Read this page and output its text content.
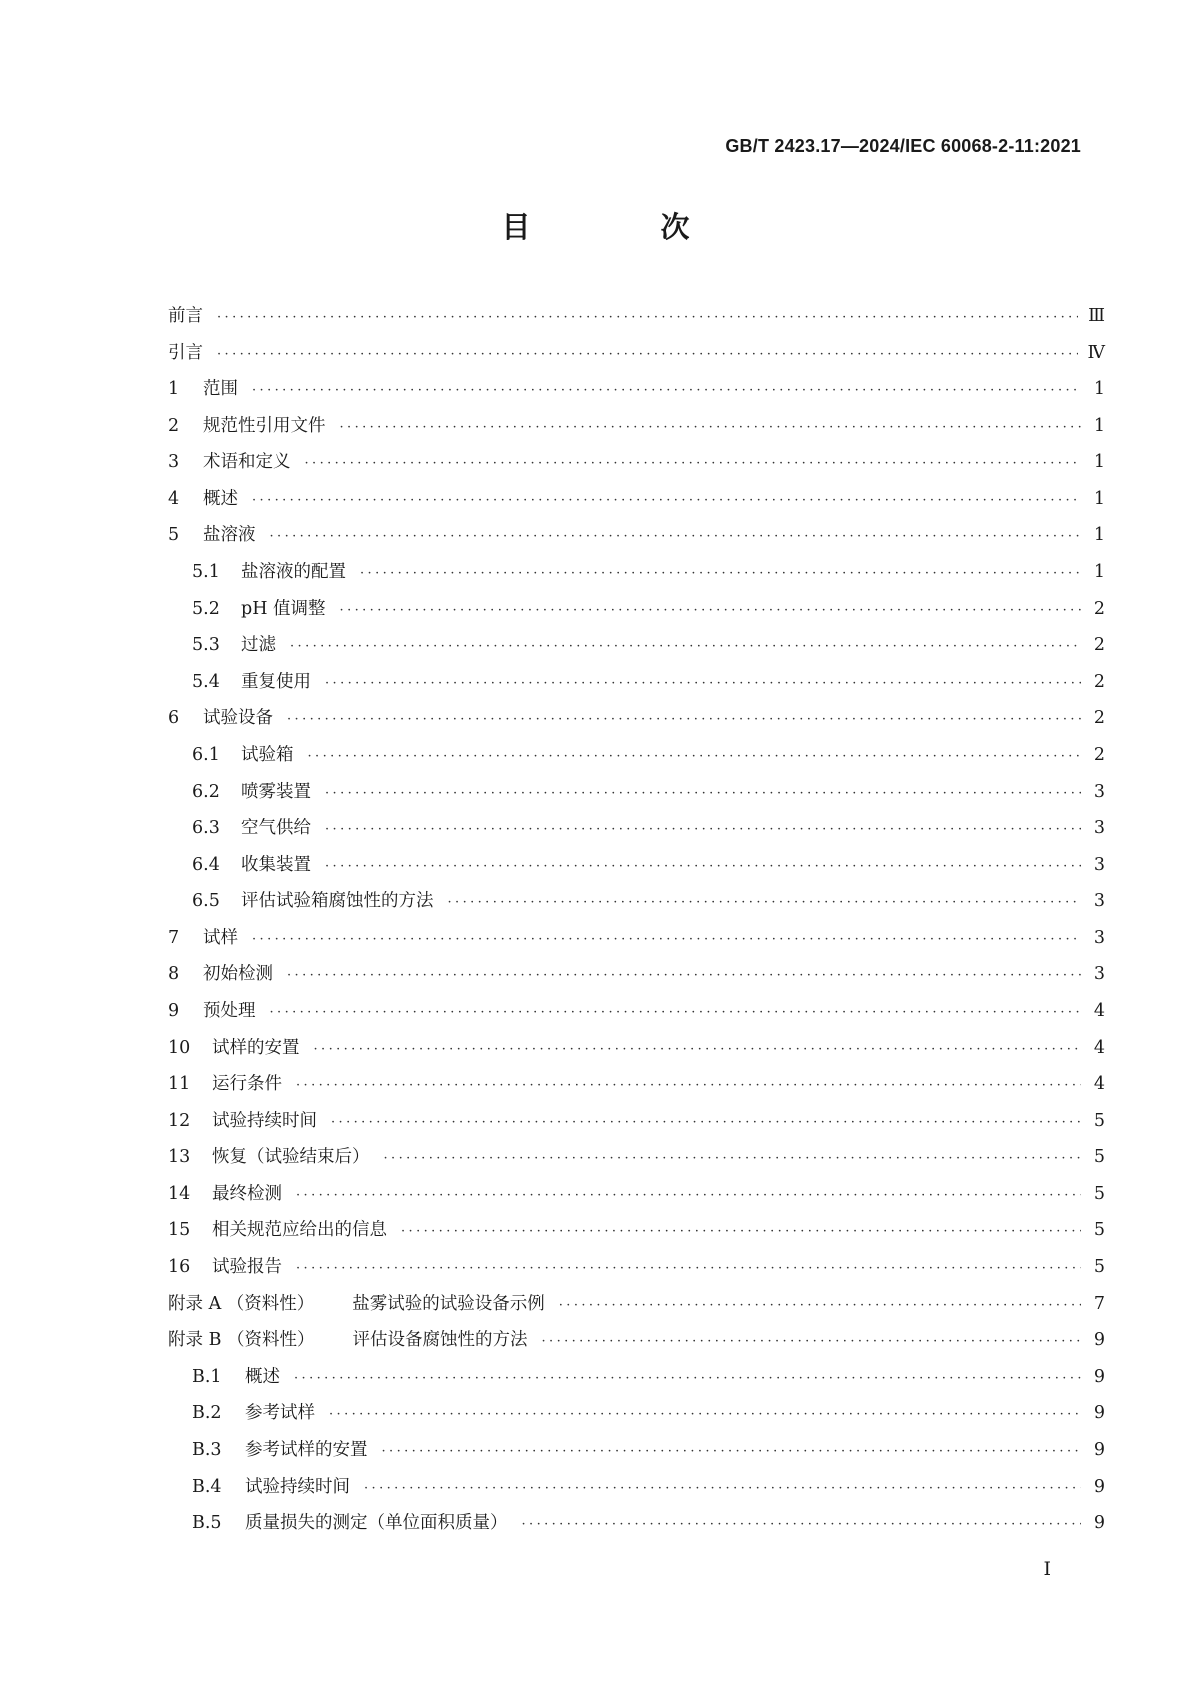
GB/T 2423.17—2024/IEC 60068-2-11:2021
目 次
前言 ·····	Ⅲ
引言 ·····	Ⅳ
1	范围 ·····	1
2	规范性引用文件 ·····	1
3	术语和定义 ·····	1
4	概述 ·····	1
5	盐溶液 ·····	1
5.1	盐溶液的配置 ·····	1
5.2	pH 值调整 ·····	2
5.3	过滤 ·····	2
5.4	重复使用 ·····	2
6	试验设备 ·····	2
6.1	试验箱 ·····	2
6.2	喷雾装置 ·····	3
6.3	空气供给 ·····	3
6.4	收集装置 ·····	3
6.5	评估试验箱腐蚀性的方法 ·····	3
7	试样 ·····	3
8	初始检测 ·····	3
9	预处理 ·····	4
10	试样的安置 ·····	4
11	运行条件 ·····	4
12	试验持续时间 ·····	5
13	恢复（试验结束后） ·····	5
14	最终检测 ·····	5
15	相关规范应给出的信息 ·····	5
16	试验报告 ·····	5
附录 A （资料性）	盐雾试验的试验设备示例 ·····	7
附录 B （资料性）	评估设备腐蚀性的方法 ·····	9
B.1	概述 ·····	9
B.2	参考试样 ·····	9
B.3	参考试样的安置 ·····	9
B.4	试验持续时间 ·····	9
B.5	质量损失的测定（单位面积质量） ·····	9
I
